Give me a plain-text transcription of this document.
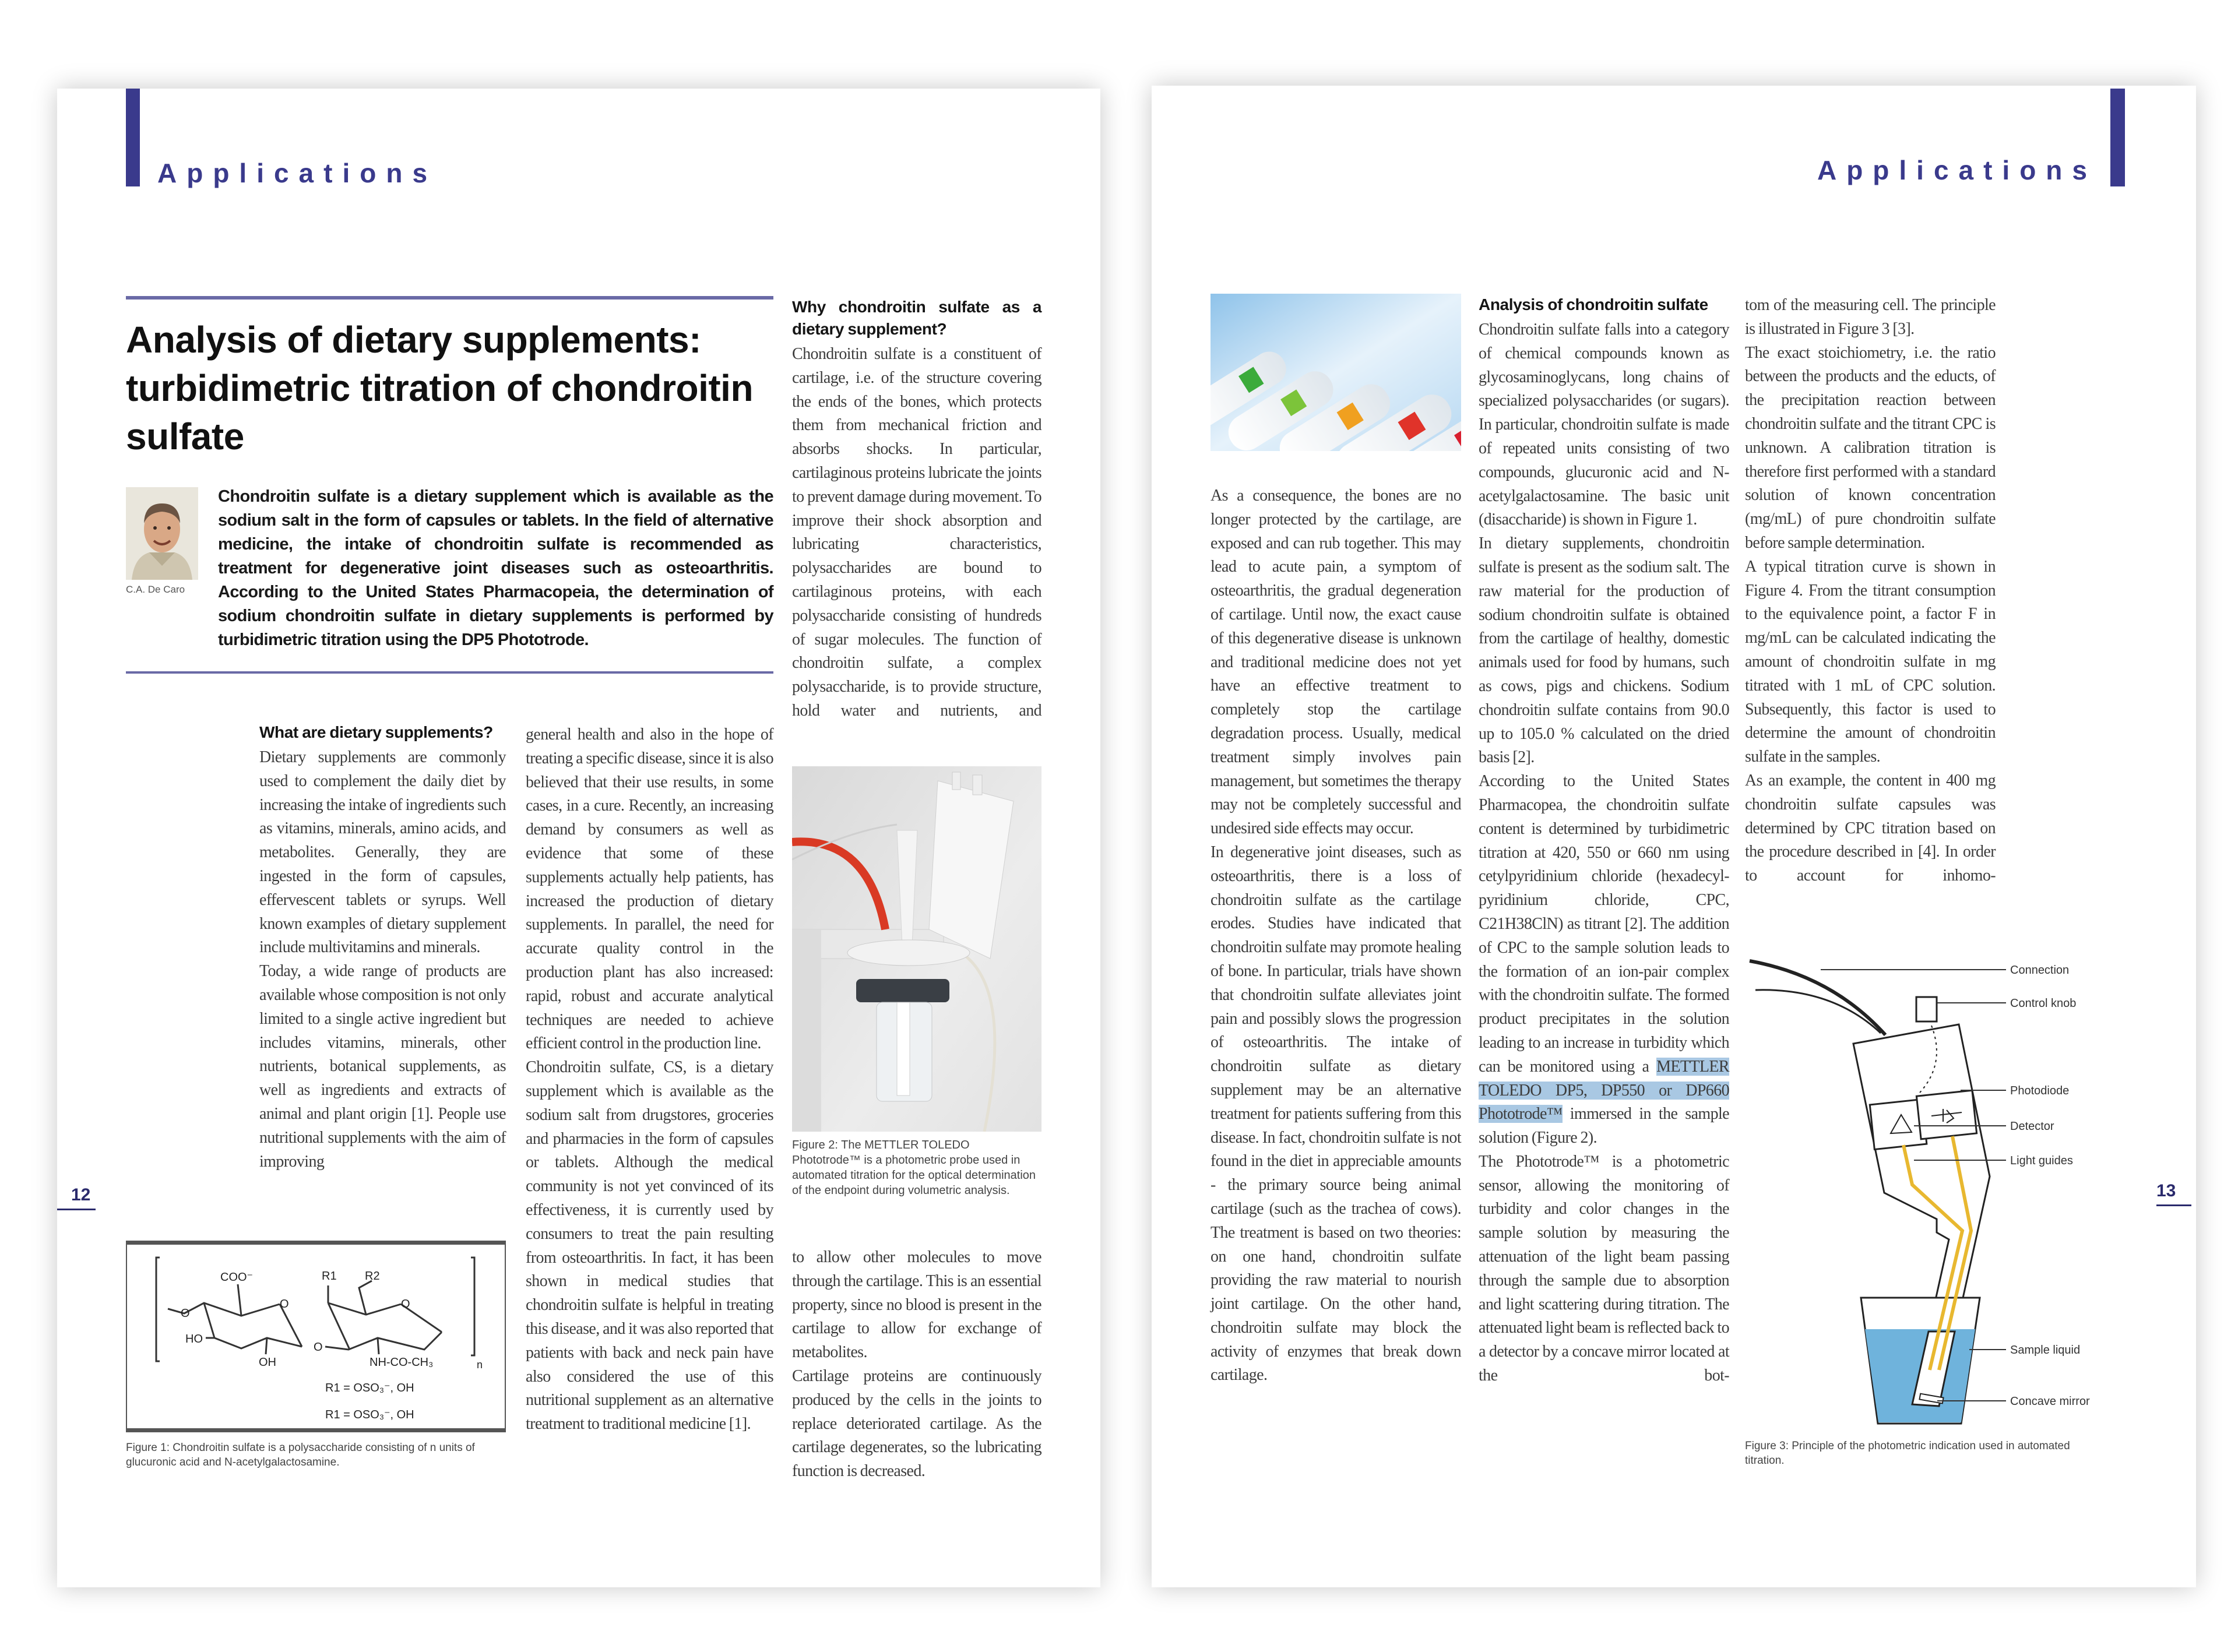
Applications
Analysis of dietary supplements:
turbidimetric titration of chondroitin
sulfate
C.A. De Caro
Chondroitin sulfate is a dietary supplement which is available as the sodium salt in the form of capsules or tablets. In the field of alternative medicine, the intake of chondroitin sulfate is recommended as treatment for degenerative joint diseases such as osteoarthritis. According to the United States Pharmacopeia, the determination of sodium chondroitin sulfate in dietary supplements is performed by turbidimetric titration using the DP5 Phototrode.
What are dietary supplements?

Dietary supplements are commonly used to complement the daily diet by increasing the intake of ingredients such as vitamins, minerals, amino acids, and metabolites. Generally, they are ingested in the form of capsules, effervescent tablets or syrups. Well known examples of dietary supplement include multivitamins and minerals.

Today, a wide range of products are available whose composition is not only limited to a single active ingredient but includes vitamins, minerals, other nutrients, botanical supplements, as well as ingredients and extracts of animal and plant origin [1]. People use nutritional supplements with the aim of improving

general health and also in the hope of treating a specific disease, since it is also believed that their use results, in some cases, in a cure. Recently, an increasing demand by consumers as well as evidence that some of these supplements actually help patients, has increased the production of dietary supplements. In parallel, the need for accurate quality control in the production plant has also increased: rapid, robust and accurate analytical techniques are needed to achieve efficient control in the production line.

Chondroitin sulfate, CS, is a dietary supplement which is available as the sodium salt from drugstores, groceries and pharmacies in the form of capsules or tablets. Although the medical community is not yet convinced of its effectiveness, it is currently used by consumers to treat the pain resulting from osteoarthritis. In fact, it has been shown in medical studies that chondroitin sulfate is helpful in treating this disease, and it was also reported that patients with back and neck pain have also considered the use of this nutritional supplement as an alternative treatment to traditional medicine [1].

Why chondroitin sulfate as a dietary supplement?

Chondroitin sulfate is a constituent of cartilage, i.e. of the structure covering the ends of the bones, which protects them from mechanical friction and absorbs shocks. In particular, cartilaginous proteins lubricate the joints to prevent damage during movement. To improve their shock absorption and lubricating characteristics, polysaccharides are bound to cartilaginous proteins, with each polysaccharide consisting of hundreds of sugar molecules. The function of chondroitin sulfate, a complex polysaccharide, is to provide structure, hold water and nutrients, and

Figure 2: The METTLER TOLEDO Phototrode™ is a photometric probe used in automated titration for the optical determination of the endpoint during volumetric analysis.

to allow other molecules to move through the cartilage. This is an essential property, since no blood is present in the cartilage to allow for exchange of metabolites.

Cartilage proteins are continuously produced by the cells in the joints to replace deteriorated cartilage. As the cartilage degenerates, so the lubricating function is decreased.

12
COO⁻	R1 R2
O
O
O
O
HO
OH	NH-CO-CH₃	n
R1 = OSO₃⁻, OH
R1 = OSO₃⁻, OH
Figure 1: Chondroitin sulfate is a polysaccharide consisting of n units of glucuronic acid and N-acetylgalactosamine.
Applications

As a consequence, the bones are no longer protected by the cartilage, are exposed and can rub together. This may lead to acute pain, a symptom of osteoarthritis, the gradual degeneration of cartilage. Until now, the exact cause of this degenerative disease is unknown and traditional medicine does not yet have an effective treatment to completely stop the cartilage degradation process. Usually, medical treatment simply involves pain management, but sometimes the therapy may not be completely successful and undesired side effects may occur.

In degenerative joint diseases, such as osteoarthritis, there is a loss of chondroitin sulfate as the cartilage erodes. Studies have indicated that chondroitin sulfate may promote healing of bone. In particular, trials have shown that chondroitin sulfate alleviates joint pain and possibly slows the progression of osteoarthritis. The intake of chondroitin sulfate as dietary supplement may be an alternative treatment for patients suffering from this disease. In fact, chondroitin sulfate is not found in the diet in appreciable amounts - the primary source being animal cartilage (such as the trachea of cows). The treatment is based on two theories: on one hand, chondroitin sulfate providing the raw material to nourish joint cartilage. On the other hand, chondroitin sulfate may block the activity of enzymes that break down cartilage.

Analysis of chondroitin sulfate

Chondroitin sulfate falls into a category of chemical compounds known as glycosaminoglycans, long chains of specialized polysaccharides (or sugars). In particular, chondroitin sulfate is made of repeated units consisting of two compounds, glucuronic acid and N-acetylgalactosamine. The basic unit (disaccharide) is shown in Figure 1.

In dietary supplements, chondroitin sulfate is present as the sodium salt. The raw material for the production of sodium chondroitin sulfate is obtained from the cartilage of healthy, domestic animals used for food by humans, such as cows, pigs and chickens. Sodium chondroitin sulfate contains from 90.0 up to 105.0 % calculated on the dried basis [2].

According to the United States Pharmacopea, the chondroitin sulfate content is determined by turbidimetric titration at 420, 550 or 660 nm using cetylpyridinium chloride (hexadecyl-pyridinium chloride, CPC, C21H38ClN) as titrant [2]. The addition of CPC to the sample solution leads to the formation of an ion-pair complex with the chondroitin sulfate. The formed product precipitates in the solution leading to an increase in turbidity which can be monitored using a METTLER TOLEDO DP5, DP550 or DP660 Phototrode™ immersed in the sample solution (Figure 2).

The Phototrode™ is a photometric sensor, allowing the monitoring of turbidity and color changes in the sample solution by measuring the attenuation of the light beam passing through the sample due to absorption and light scattering during titration. The attenuated light beam is reflected back to a detector by a concave mirror located at the bot-

tom of the measuring cell. The principle is illustrated in Figure 3 [3].

The exact stoichiometry, i.e. the ratio between the products and the educts, of the precipitation reaction between chondroitin sulfate and the titrant CPC is unknown. A calibration titration is therefore first performed with a standard solution of known concentration (mg/mL) of pure chondroitin sulfate before sample determination.

A typical titration curve is shown in Figure 4. From the titrant consumption to the equivalence point, a factor F in mg/mL can be calculated indicating the amount of chondroitin sulfate in mg titrated with 1 mL of CPC solution. Subsequently, this factor is used to determine the amount of chondroitin sulfate in the samples.

As an example, the content in 400 mg chondroitin sulfate capsules was determined by CPC titration based on the procedure described in [4]. In order to account for inhomo-

Connection
Control knob
Photodiode
Detector
Light guides
Sample liquid
Concave mirror
Figure 3: Principle of the photometric indication used in automated titration.
13
